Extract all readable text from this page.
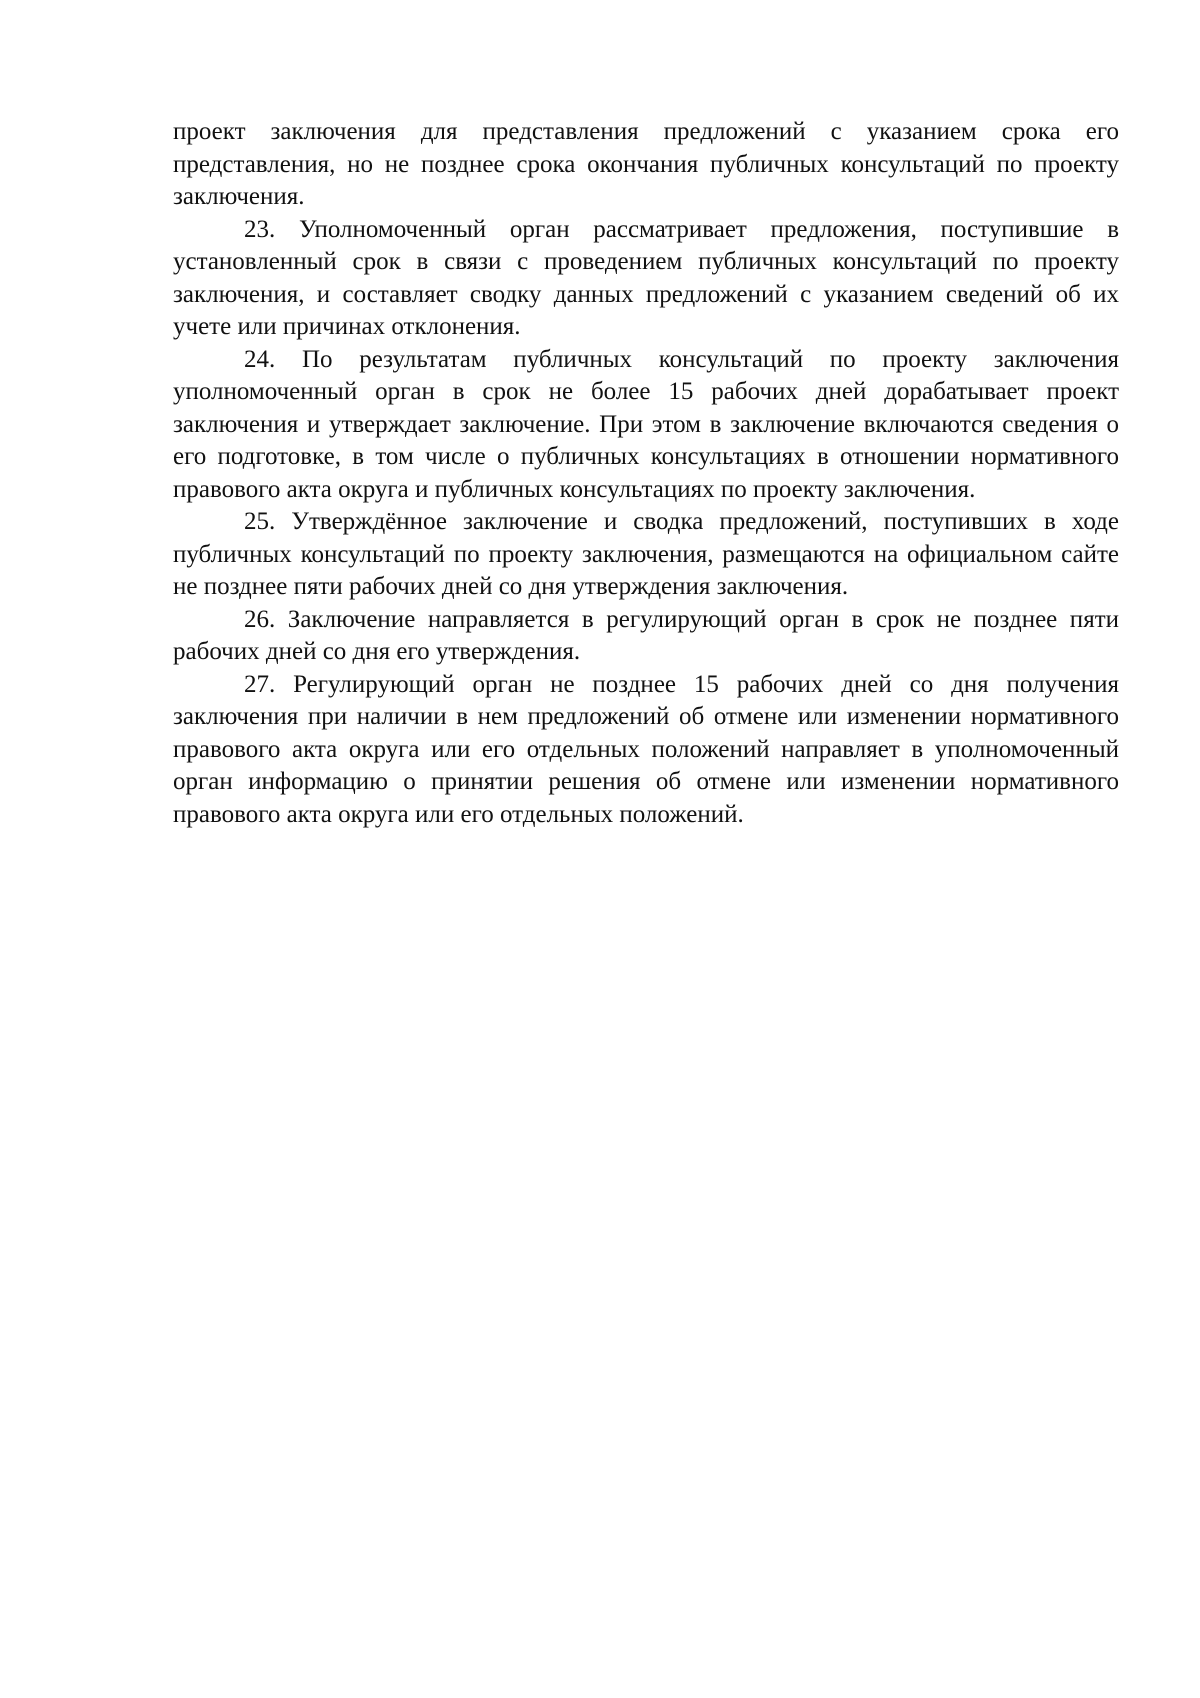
проект заключения для представления предложений с указанием срока его представления, но не позднее срока окончания публичных консультаций по проекту заключения.

23. Уполномоченный орган рассматривает предложения, поступившие в установленный срок в связи с проведением публичных консультаций по проекту заключения, и составляет сводку данных предложений с указанием сведений об их учете или причинах отклонения.

24. По результатам публичных консультаций по проекту заключения уполномоченный орган в срок не более 15 рабочих дней дорабатывает проект заключения и утверждает заключение. При этом в заключение включаются сведения о его подготовке, в том числе о публичных консультациях в отношении нормативного правового акта округа и публичных консультациях по проекту заключения.

25. Утверждённое заключение и сводка предложений, поступивших в ходе публичных консультаций по проекту заключения, размещаются на официальном сайте не позднее пяти рабочих дней со дня утверждения заключения.

26. Заключение направляется в регулирующий орган в срок не позднее пяти рабочих дней со дня его утверждения.

27. Регулирующий орган не позднее 15 рабочих дней со дня получения заключения при наличии в нем предложений об отмене или изменении нормативного правового акта округа или его отдельных положений направляет в уполномоченный орган информацию о принятии решения об отмене или изменении нормативного правового акта округа или его отдельных положений.
